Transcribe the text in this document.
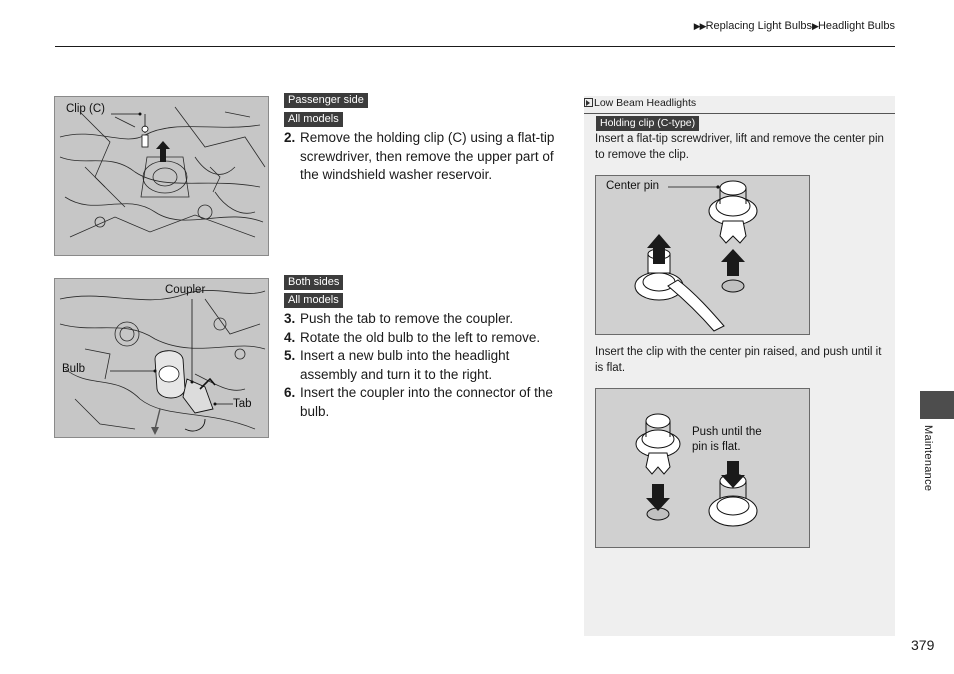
▶▶Replacing Light Bulbs▶Headlight Bulbs
Clip (C)
Passenger side
All models
2. Remove the holding clip (C) using a flat-tip screwdriver, then remove the upper part of the windshield washer reservoir.
Coupler
Bulb
Tab
Both sides
All models
3. Push the tab to remove the coupler.
4. Rotate the old bulb to the left to remove.
5. Insert a new bulb into the headlight assembly and turn it to the right.
6. Insert the coupler into the connector of the bulb.
Low Beam Headlights
Holding clip (C-type)
Insert a flat-tip screwdriver, lift and remove the center pin to remove the clip.
Center pin
Insert the clip with the center pin raised, and push until it is flat.
Push until the
pin is flat.	Maintenance
379
